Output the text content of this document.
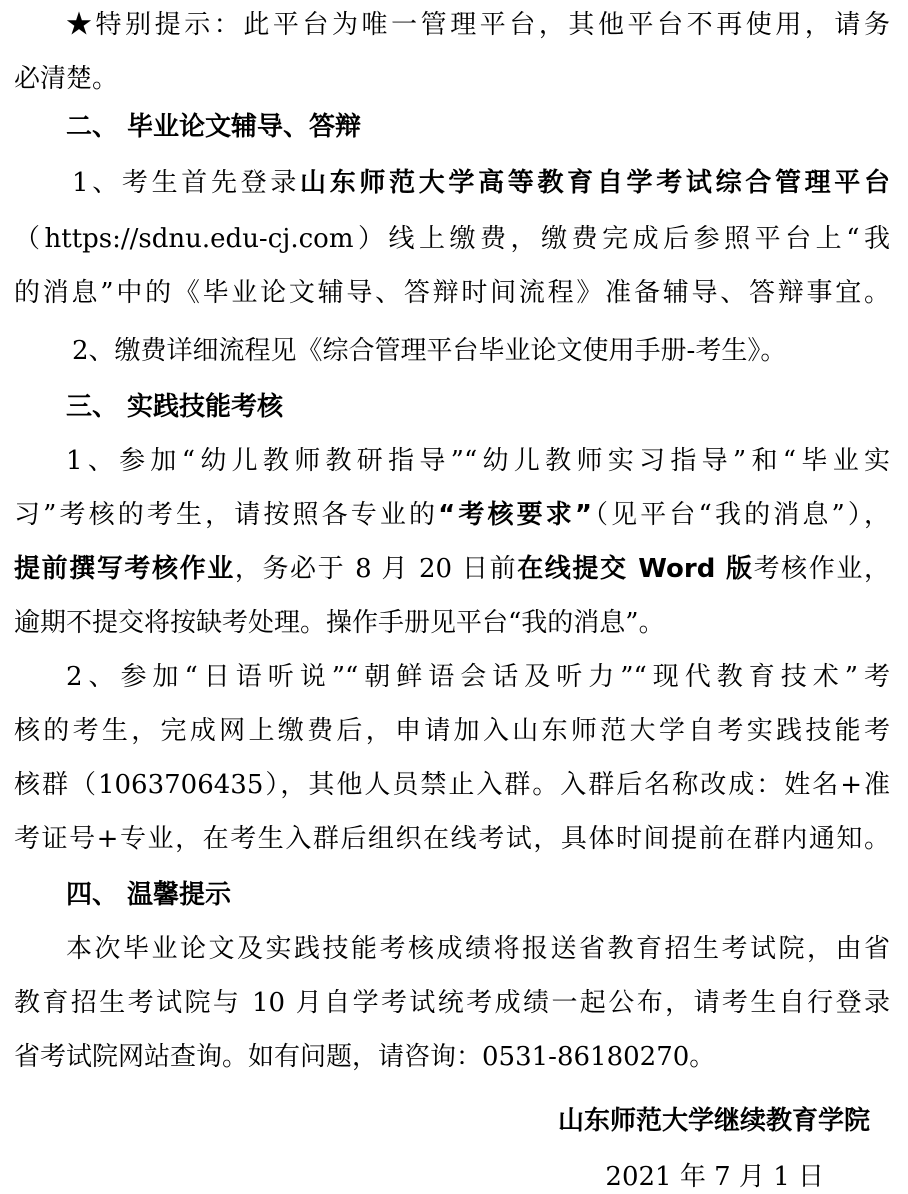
★特别提示：此平台为唯一管理平台，其他平台不再使用，请务
必清楚。
二、 毕业论文辅导、答辩
1、考生首先登录山东师范大学高等教育自学考试综合管理平台
（https://sdnu.edu-cj.com）线上缴费，缴费完成后参照平台上“我
的消息”中的《毕业论文辅导、答辩时间流程》准备辅导、答辩事宜。
2、缴费详细流程见《综合管理平台毕业论文使用手册-考生》。
三、 实践技能考核
1、参加“幼儿教师教研指导”“幼儿教师实习指导”和“毕业实
习”考核的考生，请按照各专业的“考核要求”（见平台“我的消息”），
提前撰写考核作业，务必于 8 月 20 日前在线提交 Word 版考核作业，
逾期不提交将按缺考处理。操作手册见平台“我的消息”。
2、参加“日语听说”“朝鲜语会话及听力”“现代教育技术”考
核的考生，完成网上缴费后，申请加入山东师范大学自考实践技能考
核群（1063706435），其他人员禁止入群。入群后名称改成：姓名+准
考证号+专业，在考生入群后组织在线考试，具体时间提前在群内通知。
四、 温馨提示
本次毕业论文及实践技能考核成绩将报送省教育招生考试院，由省
教育招生考试院与 10 月自学考试统考成绩一起公布，请考生自行登录
省考试院网站查询。如有问题，请咨询：0531-86180270。
山东师范大学继续教育学院
2021 年 7 月 1 日
